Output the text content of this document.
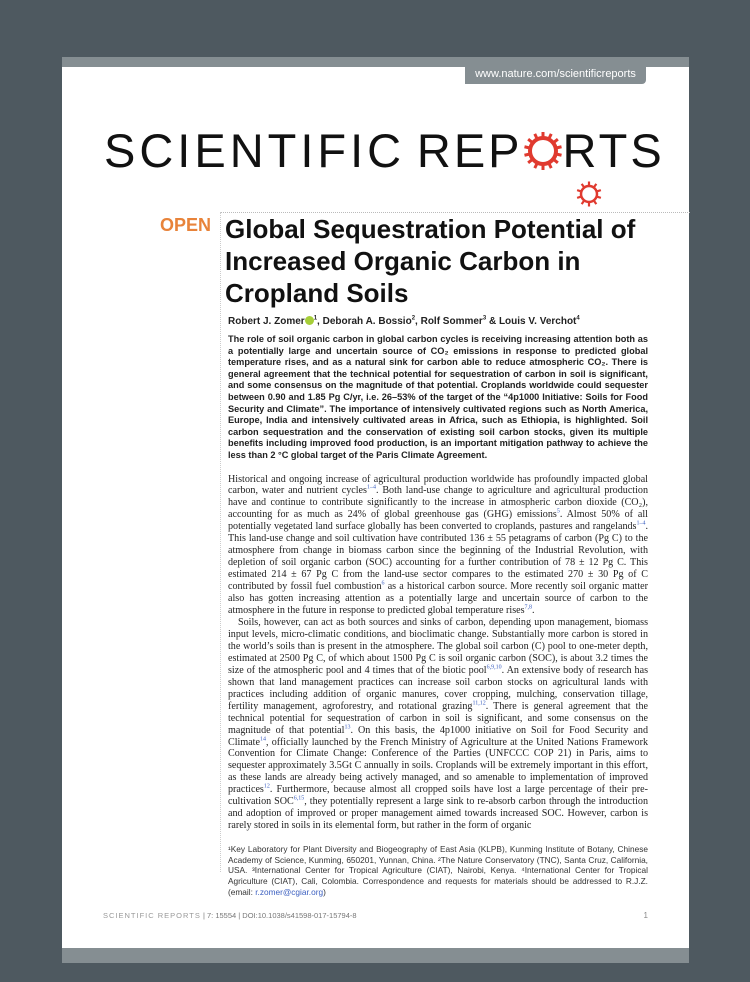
www.nature.com/scientificreports
SCIENTIFIC REP RTS
OPEN Global Sequestration Potential of Increased Organic Carbon in Cropland Soils
Robert J. Zomer $^1$, Deborah A. Bossio$^2$, Rolf Sommer$^3$ & Louis V. Verchot$^4$
The role of soil organic carbon in global carbon cycles is receiving increasing attention both as a potentially large and uncertain source of CO₂ emissions in response to predicted global temperature rises, and as a natural sink for carbon able to reduce atmospheric CO₂. There is general agreement that the technical potential for sequestration of carbon in soil is significant, and some consensus on the magnitude of that potential. Croplands worldwide could sequester between 0.90 and 1.85 Pg C/yr, i.e. 26–53% of the target of the “4p1000 Initiative: Soils for Food Security and Climate”. The importance of intensively cultivated regions such as North America, Europe, India and intensively cultivated areas in Africa, such as Ethiopia, is highlighted. Soil carbon sequestration and the conservation of existing soil carbon stocks, given its multiple benefits including improved food production, is an important mitigation pathway to achieve the less than 2 °C global target of the Paris Climate Agreement.

Historical and ongoing increase of agricultural production worldwide has profoundly impacted global carbon, water and nutrient cycles$^{1-4}$. Both land-use change to agriculture and agricultural production have and continue to contribute significantly to the increase in atmospheric carbon dioxide (CO₂), accounting for as much as 24% of global greenhouse gas (GHG) emissions$^5$. Almost 50% of all potentially vegetated land surface globally has been converted to croplands, pastures and rangelands$^{1-4}$. This land-use change and soil cultivation have contributed 136 ± 55 petagrams of carbon (Pg C) to the atmosphere from change in biomass carbon since the beginning of the Industrial Revolution, with depletion of soil organic carbon (SOC) accounting for a further contribution of 78 ± 12 Pg C. This estimated 214 ± 67 Pg C from the land-use sector compares to the estimated 270 ± 30 Pg of C contributed by fossil fuel combustion$^6$ as a historical carbon source. More recently soil organic matter also has gotten increasing attention as a potentially large and uncertain source of carbon to the atmosphere in the future in response to predicted global temperature rises$^{7,8}$.

Soils, however, can act as both sources and sinks of carbon, depending upon management, biomass input levels, micro-climatic conditions, and bioclimatic change. Substantially more carbon is stored in the world’s soils than is present in the atmosphere. The global soil carbon (C) pool to one-meter depth, estimated at 2500 Pg C, of which about 1500 Pg C is soil organic carbon (SOC), is about 3.2 times the size of the atmospheric pool and 4 times that of the biotic pool$^{6,9,10}$. An extensive body of research has shown that land management practices can increase soil carbon stocks on agricultural lands with practices including addition of organic manures, cover cropping, mulching, conservation tillage, fertility management, agroforestry, and rotational grazing$^{11,12}$. There is general agreement that the technical potential for sequestration of carbon in soil is significant, and some consensus on the magnitude of that potential$^{13}$. On this basis, the 4p1000 initiative on Soil for Food Security and Climate$^{14}$, officially launched by the French Ministry of Agriculture at the United Nations Framework Convention for Climate Change: Conference of the Parties (UNFCCC COP 21) in Paris, aims to sequester approximately 3.5Gt C annually in soils. Croplands will be extremely important in this effort, as these lands are already being actively managed, and so amenable to implementation of improved practices$^{12}$. Furthermore, because almost all cropped soils have lost a large percentage of their pre-cultivation SOC$^{6,15}$, they potentially represent a large sink to re-absorb carbon through the introduction and adoption of improved or proper management aimed towards increased SOC. However, carbon is rarely stored in soils in its elemental form, but rather in the form of organic

¹Key Laboratory for Plant Diversity and Biogeography of East Asia (KLPB), Kunming Institute of Botany, Chinese Academy of Science, Kunming, 650201, Yunnan, China. ²The Nature Conservatory (TNC), Santa Cruz, California, USA. ³International Center for Tropical Agriculture (CIAT), Nairobi, Kenya. ⁴International Center for Tropical Agriculture (CIAT), Cali, Colombia. Correspondence and requests for materials should be addressed to R.J.Z. (email: r.zomer@cgiar.org)
SCIENTIFIC REPORTS | 7: 15554 | DOI:10.1038/s41598-017-15794-8	1
